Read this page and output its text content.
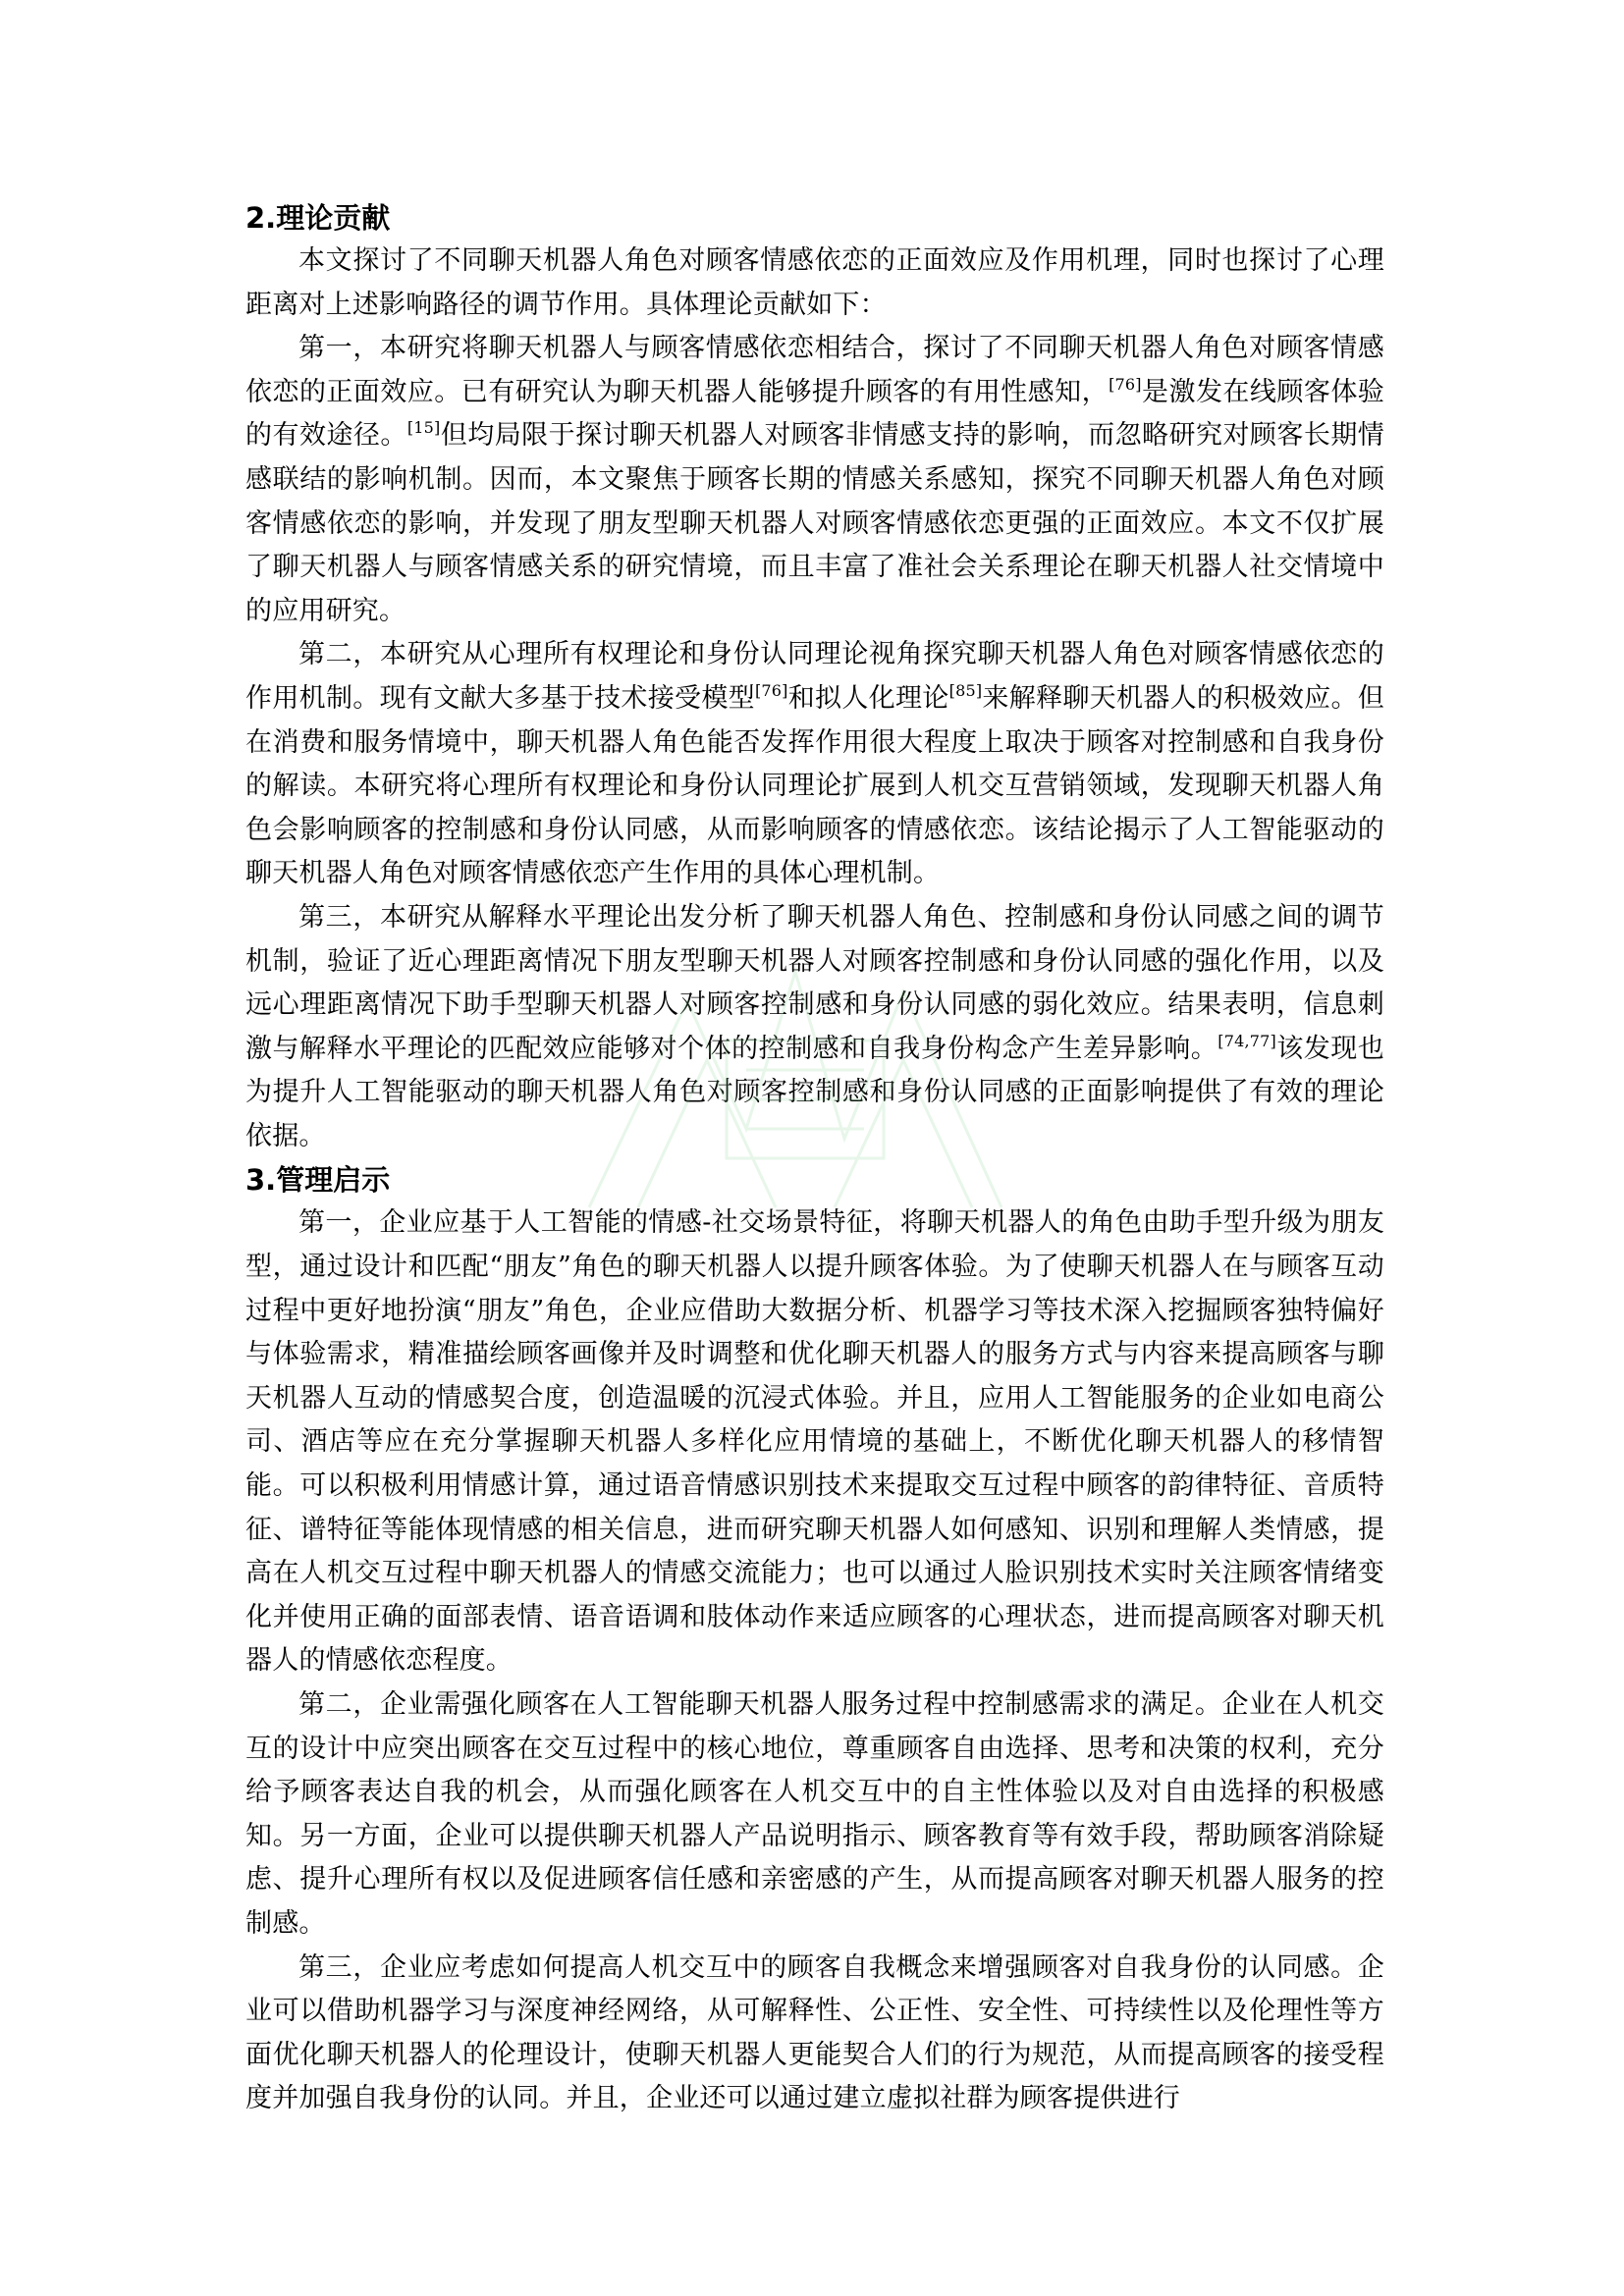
2.理论贡献

本文探讨了不同聊天机器人角色对顾客情感依恋的正面效应及作用机理，同时也探讨了心理距离对上述影响路径的调节作用。具体理论贡献如下：

第一，本研究将聊天机器人与顾客情感依恋相结合，探讨了不同聊天机器人角色对顾客情感依恋的正面效应。已有研究认为聊天机器人能够提升顾客的有用性感知，[76]是激发在线顾客体验的有效途径。[15]但均局限于探讨聊天机器人对顾客非情感支持的影响，而忽略研究对顾客长期情感联结的影响机制。因而，本文聚焦于顾客长期的情感关系感知，探究不同聊天机器人角色对顾客情感依恋的影响，并发现了朋友型聊天机器人对顾客情感依恋更强的正面效应。本文不仅扩展了聊天机器人与顾客情感关系的研究情境，而且丰富了准社会关系理论在聊天机器人社交情境中的应用研究。

第二，本研究从心理所有权理论和身份认同理论视角探究聊天机器人角色对顾客情感依恋的作用机制。现有文献大多基于技术接受模型[76]和拟人化理论[85]来解释聊天机器人的积极效应。但在消费和服务情境中，聊天机器人角色能否发挥作用很大程度上取决于顾客对控制感和自我身份的解读。本研究将心理所有权理论和身份认同理论扩展到人机交互营销领域，发现聊天机器人角色会影响顾客的控制感和身份认同感，从而影响顾客的情感依恋。该结论揭示了人工智能驱动的聊天机器人角色对顾客情感依恋产生作用的具体心理机制。

第三，本研究从解释水平理论出发分析了聊天机器人角色、控制感和身份认同感之间的调节机制，验证了近心理距离情况下朋友型聊天机器人对顾客控制感和身份认同感的强化作用，以及远心理距离情况下助手型聊天机器人对顾客控制感和身份认同感的弱化效应。结果表明，信息刺激与解释水平理论的匹配效应能够对个体的控制感和自我身份构念产生差异影响。[74,77]该发现也为提升人工智能驱动的聊天机器人角色对顾客控制感和身份认同感的正面影响提供了有效的理论依据。

3.管理启示

第一，企业应基于人工智能的情感-社交场景特征，将聊天机器人的角色由助手型升级为朋友型，通过设计和匹配“朋友”角色的聊天机器人以提升顾客体验。为了使聊天机器人在与顾客互动过程中更好地扮演“朋友”角色，企业应借助大数据分析、机器学习等技术深入挖掘顾客独特偏好与体验需求，精准描绘顾客画像并及时调整和优化聊天机器人的服务方式与内容来提高顾客与聊天机器人互动的情感契合度，创造温暖的沉浸式体验。并且，应用人工智能服务的企业如电商公司、酒店等应在充分掌握聊天机器人多样化应用情境的基础上，不断优化聊天机器人的移情智能。可以积极利用情感计算，通过语音情感识别技术来提取交互过程中顾客的韵律特征、音质特征、谱特征等能体现情感的相关信息，进而研究聊天机器人如何感知、识别和理解人类情感，提高在人机交互过程中聊天机器人的情感交流能力；也可以通过人脸识别技术实时关注顾客情绪变化并使用正确的面部表情、语音语调和肢体动作来适应顾客的心理状态，进而提高顾客对聊天机器人的情感依恋程度。

第二，企业需强化顾客在人工智能聊天机器人服务过程中控制感需求的满足。企业在人机交互的设计中应突出顾客在交互过程中的核心地位，尊重顾客自由选择、思考和决策的权利，充分给予顾客表达自我的机会，从而强化顾客在人机交互中的自主性体验以及对自由选择的积极感知。另一方面，企业可以提供聊天机器人产品说明指示、顾客教育等有效手段，帮助顾客消除疑虑、提升心理所有权以及促进顾客信任感和亲密感的产生，从而提高顾客对聊天机器人服务的控制感。

第三，企业应考虑如何提高人机交互中的顾客自我概念来增强顾客对自我身份的认同感。企业可以借助机器学习与深度神经网络，从可解释性、公正性、安全性、可持续性以及伦理性等方面优化聊天机器人的伦理设计，使聊天机器人更能契合人们的行为规范，从而提高顾客的接受程度并加强自我身份的认同。并且，企业还可以通过建立虚拟社群为顾客提供进行
